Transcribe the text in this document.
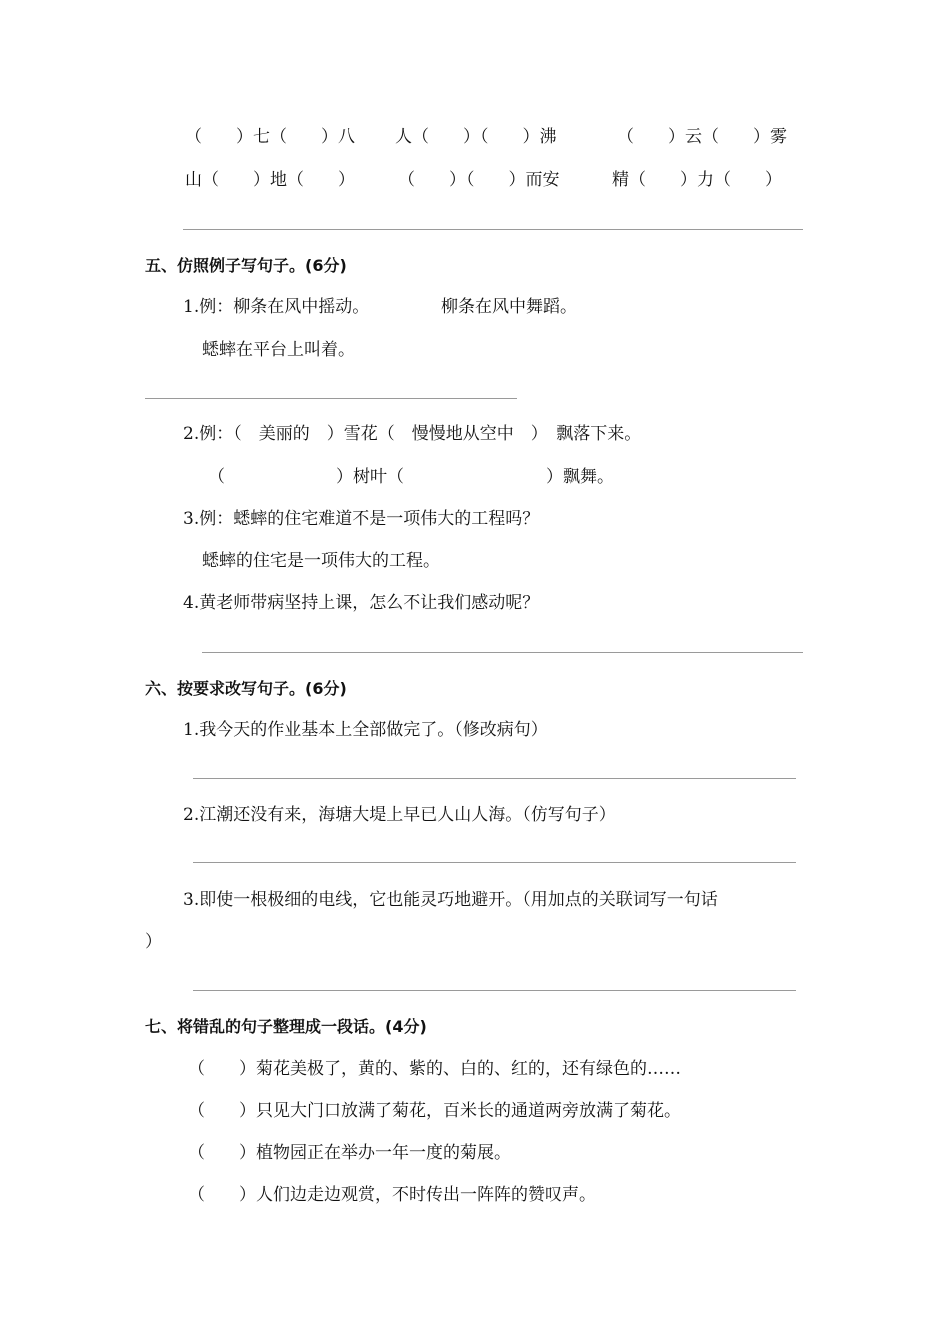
（　　）七（　　）八 人（　　）（　　）沸	（　　）云（　　）雾
山（　　）地（　　）	（　　）（　　）而安	精（　　）力（　　）
五、仿照例子写句子。(6分)
1.例：柳条在风中摇动。	柳条在风中舞蹈。
蟋蟀在平台上叫着。
2.例：（　美丽的　）雪花（　慢慢地从空中　）　飘落下来。
（	）树叶（	）飘舞。
3.例：蟋蟀的住宅难道不是一项伟大的工程吗？
蟋蟀的住宅是一项伟大的工程。
4.黄老师带病坚持上课，怎么不让我们感动呢？
六、按要求改写句子。(6分)
1.我今天的作业基本上全部做完了。（修改病句）
2.江潮还没有来，海塘大堤上早已人山人海。（仿写句子）
3.即使一根极细的电线，它也能灵巧地避开。（用加点的关联词写一句话
）
七、将错乱的句子整理成一段话。(4分)
（　　）菊花美极了，黄的、紫的、白的、红的，还有绿色的……
（　　）只见大门口放满了菊花，百米长的通道两旁放满了菊花。
（　　）植物园正在举办一年一度的菊展。
（　　）人们边走边观赏，不时传出一阵阵的赞叹声。
